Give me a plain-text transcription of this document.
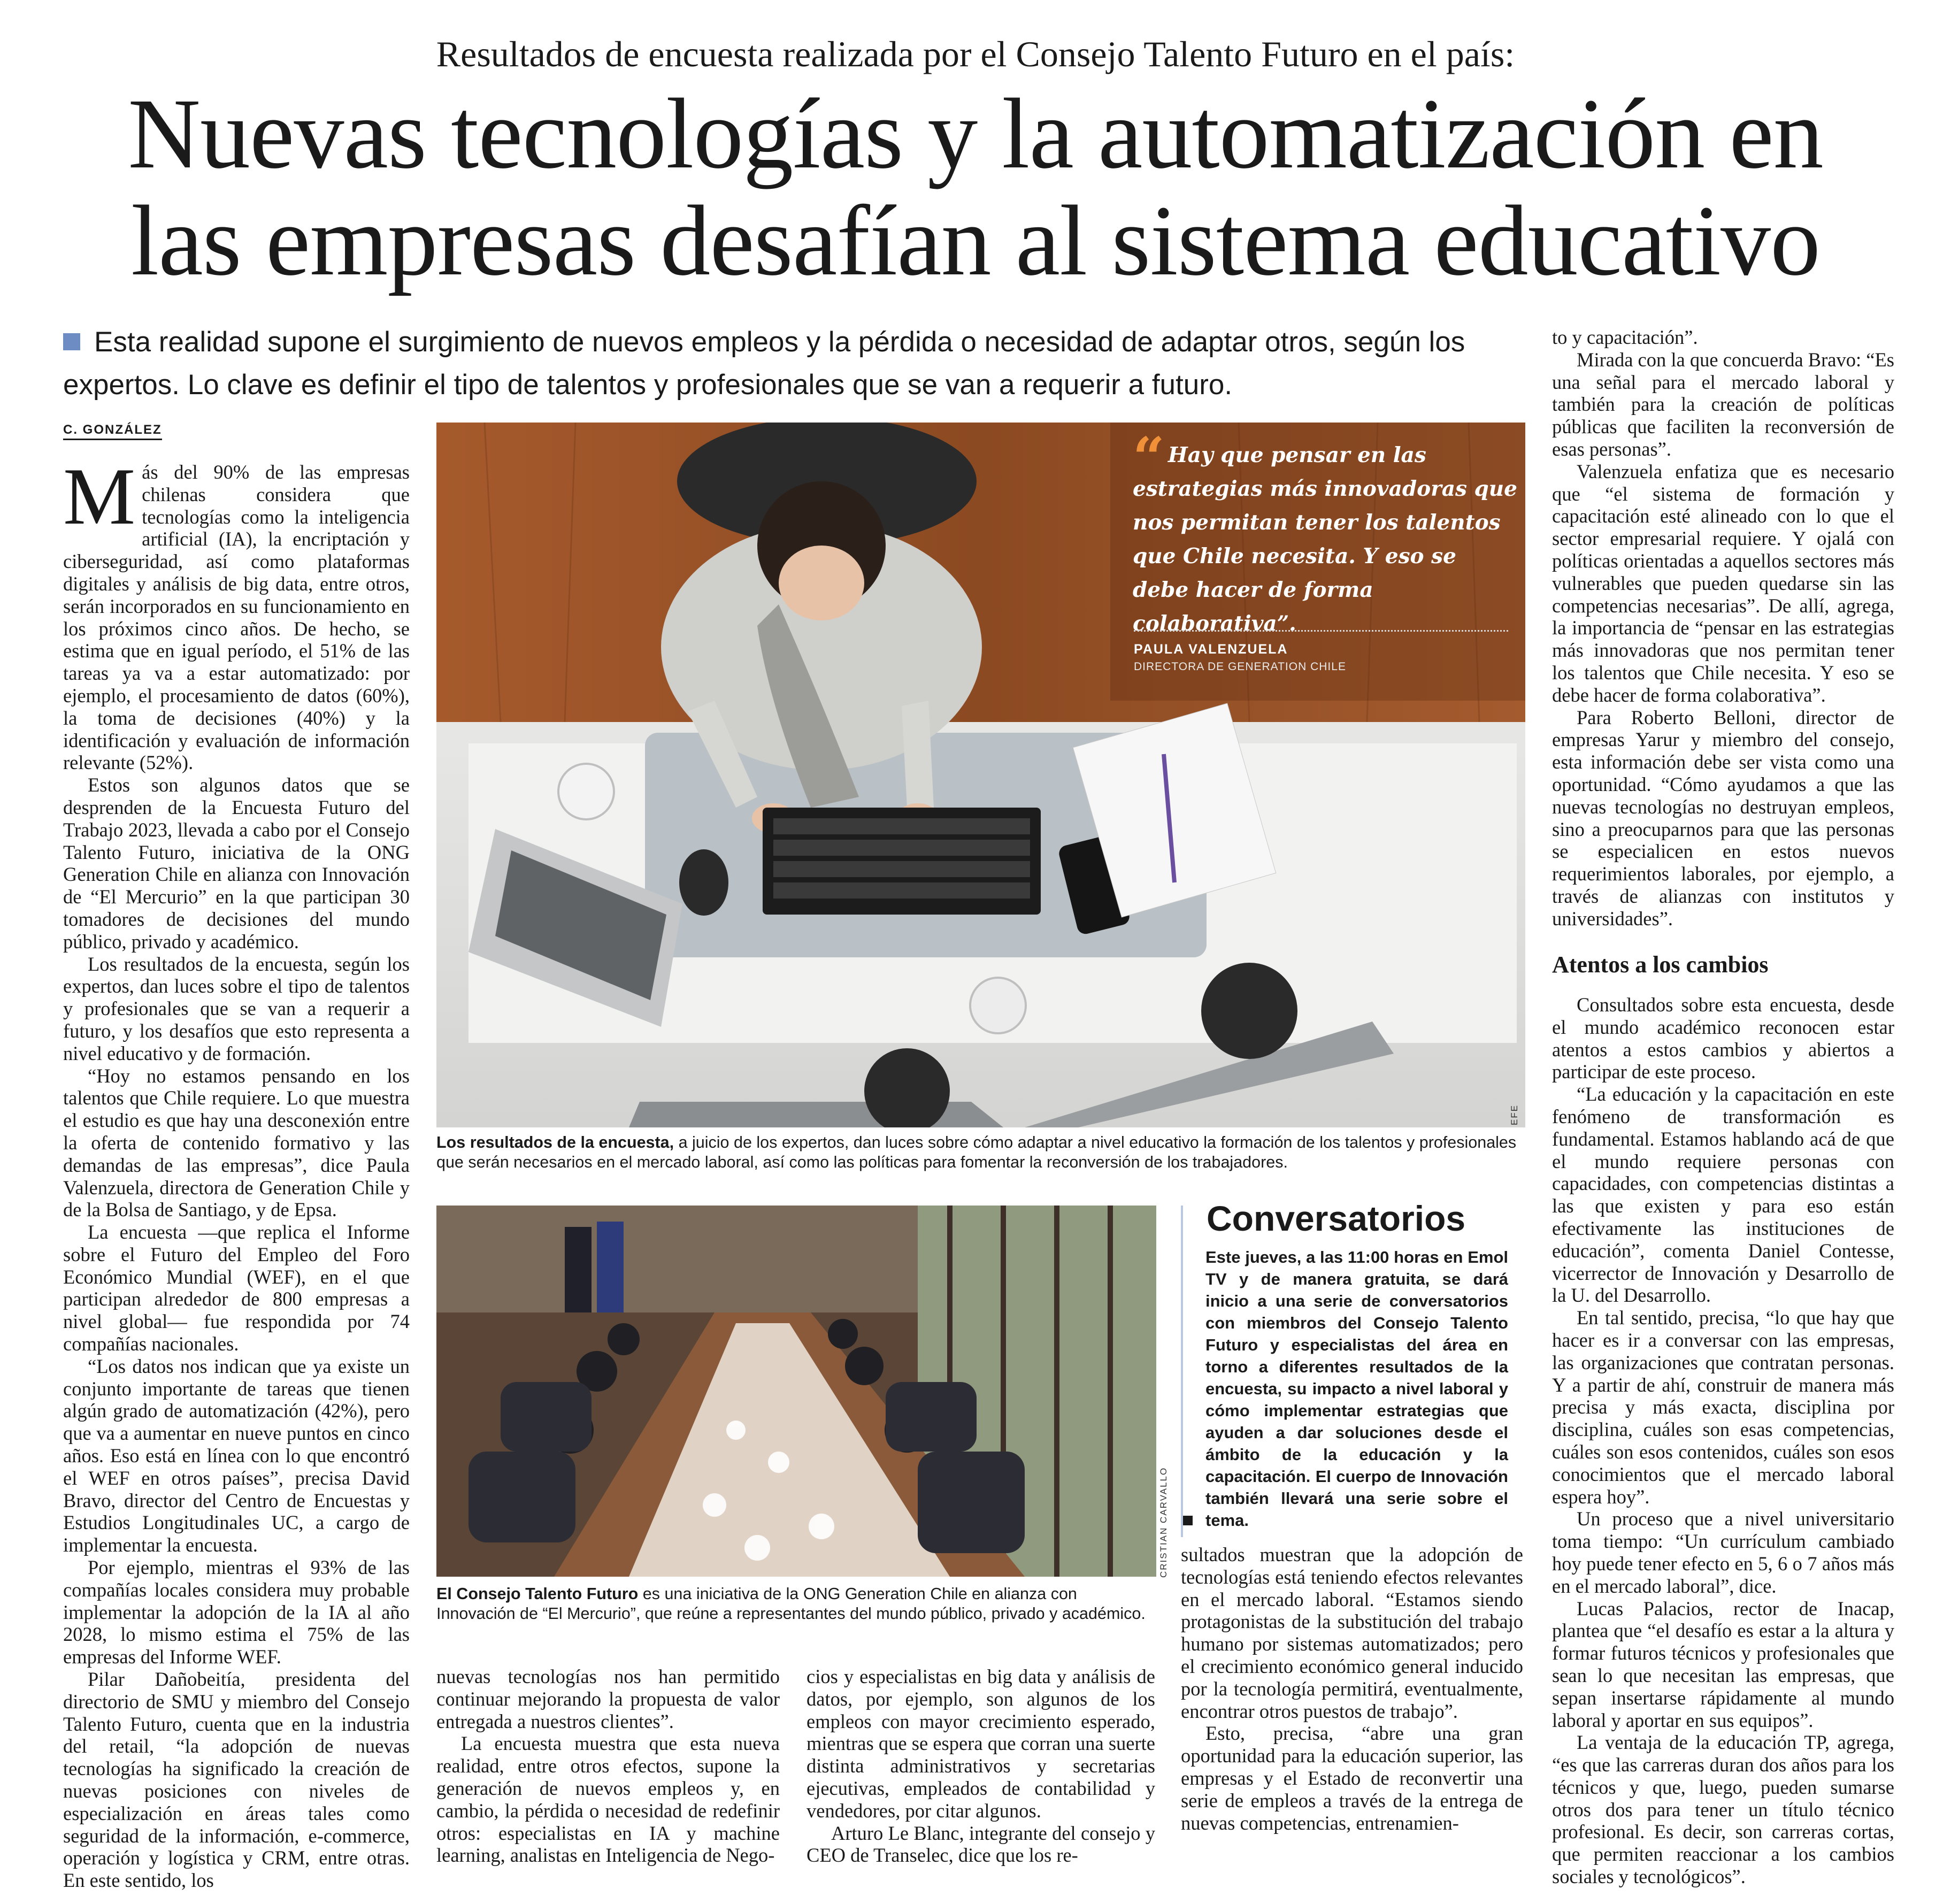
Resultados de encuesta realizada por el Consejo Talento Futuro en el país:
Nuevas tecnologías y la automatización en
las empresas desafían al sistema educativo
Esta realidad supone el surgimiento de nuevos empleos y la pérdida o necesidad de adaptar otros, según los expertos. Lo clave es definir el tipo de talentos y profesionales que se van a requerir a futuro.
C. GONZÁLEZ

Más del 90% de las empresas chilenas considera que tecnologías como la inteligencia artificial (IA), la encriptación y ciberseguridad, así como plataformas digitales y análisis de big data, entre otros, serán incorporados en su funcionamiento en los próximos cinco años. De hecho, se estima que en igual período, el 51% de las tareas ya va a estar automatizado: por ejemplo, el procesamiento de datos (60%), la toma de decisiones (40%) y la identificación y evaluación de información relevante (52%).

Estos son algunos datos que se desprenden de la Encuesta Futuro del Trabajo 2023, llevada a cabo por el Consejo Talento Futuro, iniciativa de la ONG Generation Chile en alianza con Innovación de “El Mercurio” en la que participan 30 tomadores de decisiones del mundo público, privado y académico.

Los resultados de la encuesta, según los expertos, dan luces sobre el tipo de talentos y profesionales que se van a requerir a futuro, y los desafíos que esto representa a nivel educativo y de formación.

“Hoy no estamos pensando en los talentos que Chile requiere. Lo que muestra el estudio es que hay una desconexión entre la oferta de contenido formativo y las demandas de las empresas”, dice Paula Valenzuela, directora de Generation Chile y de la Bolsa de Santiago, y de Epsa.

La encuesta —que replica el Informe sobre el Futuro del Empleo del Foro Económico Mundial (WEF), en el que participan alrededor de 800 empresas a nivel global— fue respondida por 74 compañías nacionales.

“Los datos nos indican que ya existe un conjunto importante de tareas que tienen algún grado de automatización (42%), pero que va a aumentar en nueve puntos en cinco años. Eso está en línea con lo que encontró el WEF en otros países”, precisa David Bravo, director del Centro de Encuestas y Estudios Longitudinales UC, a cargo de implementar la encuesta.

Por ejemplo, mientras el 93% de las compañías locales considera muy probable implementar la adopción de la IA al año 2028, lo mismo estima el 75% de las empresas del Informe WEF.

Pilar Dañobeitía, presidenta del directorio de SMU y miembro del Consejo Talento Futuro, cuenta que en la industria del retail, “la adopción de nuevas tecnologías ha significado la creación de nuevas posiciones con niveles de especialización en áreas tales como seguridad de la información, e-commerce, operación y logística y CRM, entre otras. En este sentido, los

“ Hay que pensar en las estrategias más innovadoras que nos permitan tener los talentos que Chile necesita. Y eso se debe hacer de forma colaborativa”.
PAULA VALENZUELA
DIRECTORA DE GENERATION CHILE
EFE
Los resultados de la encuesta, a juicio de los expertos, dan luces sobre cómo adaptar a nivel educativo la formación de los talentos y profesionales que serán necesarios en el mercado laboral, así como las políticas para fomentar la reconversión de los trabajadores.
CRISTIAN CARVALLO
El Consejo Talento Futuro es una iniciativa de la ONG Generation Chile en alianza con Innovación de “El Mercurio”, que reúne a representantes del mundo público, privado y académico.
Conversatorios
Este jueves, a las 11:00 horas en Emol TV y de manera gratuita, se dará inicio a una serie de conversatorios con miembros del Consejo Talento Futuro y especialistas del área en torno a diferentes resultados de la encuesta, su impacto a nivel laboral y cómo implementar estrategias que ayuden a dar soluciones desde el ámbito de la educación y la capacitación. El cuerpo de Innovación también llevará una serie sobre el tema.

nuevas tecnologías nos han permitido continuar mejorando la propuesta de valor entregada a nuestros clientes”.

La encuesta muestra que esta nueva realidad, entre otros efectos, supone la generación de nuevos empleos y, en cambio, la pérdida o necesidad de redefinir otros: especialistas en IA y machine learning, analistas en Inteligencia de Nego-

cios y especialistas en big data y análisis de datos, por ejemplo, son algunos de los empleos con mayor crecimiento esperado, mientras que se espera que corran una suerte distinta administrativos y secretarias ejecutivas, empleados de contabilidad y vendedores, por citar algunos.

Arturo Le Blanc, integrante del consejo y CEO de Transelec, dice que los re-

sultados muestran que la adopción de tecnologías está teniendo efectos relevantes en el mercado laboral. “Estamos siendo protagonistas de la substitución del trabajo humano por sistemas automatizados; pero el crecimiento económico general inducido por la tecnología permitirá, eventualmente, encontrar otros puestos de trabajo”.

Esto, precisa, “abre una gran oportunidad para la educación superior, las empresas y el Estado de reconvertir una serie de empleos a través de la entrega de nuevas competencias, entrenamien-

to y capacitación”.

Mirada con la que concuerda Bravo: “Es una señal para el mercado laboral y también para la creación de políticas públicas que faciliten la reconversión de esas personas”.

Valenzuela enfatiza que es necesario que “el sistema de formación y capacitación esté alineado con lo que el sector empresarial requiere. Y ojalá con políticas orientadas a aquellos sectores más vulnerables que pueden quedarse sin las competencias necesarias”. De allí, agrega, la importancia de “pensar en las estrategias más innovadoras que nos permitan tener los talentos que Chile necesita. Y eso se debe hacer de forma colaborativa”.

Para Roberto Belloni, director de empresas Yarur y miembro del consejo, esta información debe ser vista como una oportunidad. “Cómo ayudamos a que las nuevas tecnologías no destruyan empleos, sino a preocuparnos para que las personas se especialicen en estos nuevos requerimientos laborales, por ejemplo, a través de alianzas con institutos y universidades”.

Atentos a los cambios

Consultados sobre esta encuesta, desde el mundo académico reconocen estar atentos a estos cambios y abiertos a participar de este proceso.

“La educación y la capacitación en este fenómeno de transformación es fundamental. Estamos hablando acá de que el mundo requiere personas con capacidades, con competencias distintas a las que existen y para eso están efectivamente las instituciones de educación”, comenta Daniel Contesse, vicerrector de Innovación y Desarrollo de la U. del Desarrollo.

En tal sentido, precisa, “lo que hay que hacer es ir a conversar con las empresas, las organizaciones que contratan personas. Y a partir de ahí, construir de manera más precisa y más exacta, disciplina por disciplina, cuáles son esas competencias, cuáles son esos contenidos, cuáles son esos conocimientos que el mercado laboral espera hoy”.

Un proceso que a nivel universitario toma tiempo: “Un currículum cambiado hoy puede tener efecto en 5, 6 o 7 años más en el mercado laboral”, dice.

Lucas Palacios, rector de Inacap, plantea que “el desafío es estar a la altura y formar futuros técnicos y profesionales que sean lo que necesitan las empresas, que sepan insertarse rápidamente al mundo laboral y aportar en sus equipos”.

La ventaja de la educación TP, agrega, “es que las carreras duran dos años para los técnicos y que, luego, pueden sumarse otros dos para tener un título técnico profesional. Es decir, son carreras cortas, que permiten reaccionar a los cambios sociales y tecnológicos”.
